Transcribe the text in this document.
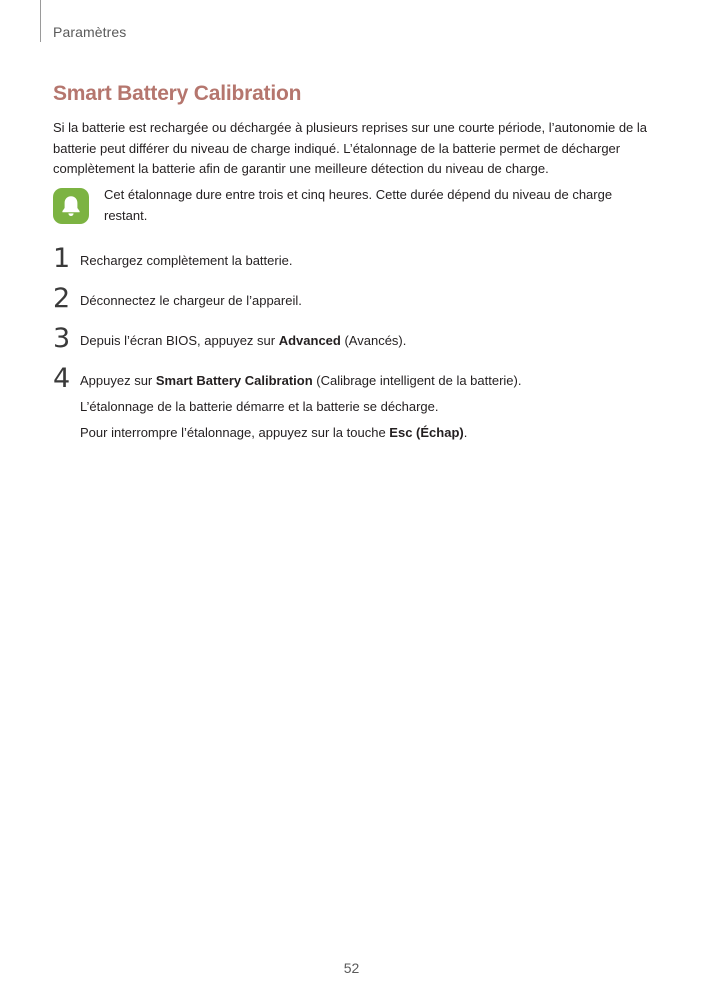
Paramètres
Smart Battery Calibration
Si la batterie est rechargée ou déchargée à plusieurs reprises sur une courte période, l’autonomie de la batterie peut différer du niveau de charge indiqué. L’étalonnage de la batterie permet de décharger complètement la batterie afin de garantir une meilleure détection du niveau de charge.
Cet étalonnage dure entre trois et cinq heures. Cette durée dépend du niveau de charge restant.
1 Rechargez complètement la batterie.
2 Déconnectez le chargeur de l’appareil.
3 Depuis l’écran BIOS, appuyez sur Advanced (Avancés).
4 Appuyez sur Smart Battery Calibration (Calibrage intelligent de la batterie).
L’étalonnage de la batterie démarre et la batterie se décharge.
Pour interrompre l’étalonnage, appuyez sur la touche Esc (Échap).
52
